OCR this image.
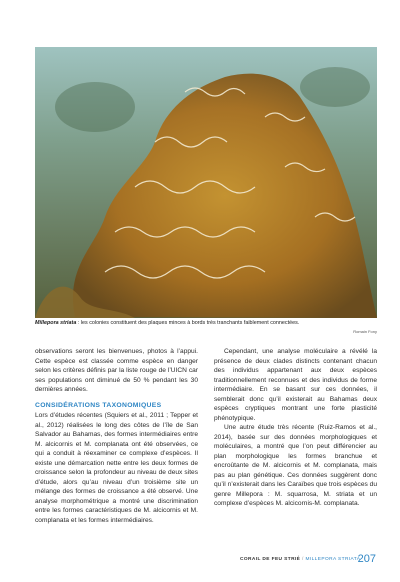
Millepora striata : les colonies constituent des plaques minces à bords très tranchants faiblement connectées.
Romain Fony

observations seront les bienvenues, photos à l’appui. Cette espèce est classée comme espèce en danger selon les critères définis par la liste rouge de l’UICN car ses populations ont diminué de 50 % pendant les 30 dernières années.

CONSIDÉRATIONS TAXONOMIQUES

Lors d’études récentes (Squiers et al., 2011 ; Tepper et al., 2012) réalisées le long des côtes de l’île de San Salvador au Bahamas, des formes intermédiaires entre M. alcicornis et M. complanata ont été observées, ce qui a conduit à réexaminer ce complexe d’espèces. Il existe une démarcation nette entre les deux formes de croissance selon la profondeur au niveau de deux sites d’étude, alors qu’au niveau d’un troisième site un mélange des formes de croissance a été observé. Une analyse morphométrique a montré une discrimination entre les formes caractéristiques de M. alcicornis et M. complanata et les formes intermédiaires.

Cependant, une analyse moléculaire a révélé la présence de deux clades distincts contenant chacun des individus appartenant aux deux espèces traditionnellement reconnues et des individus de forme intermédiaire. En se basant sur ces données, il semblerait donc qu’il existerait au Bahamas deux espèces cryptiques montrant une forte plasticité phénotypique.

Une autre étude très récente (Ruiz-Ramos et al., 2014), basée sur des données morphologiques et moléculaires, a montré que l’on peut différencier au plan morphologique les formes branchue et encroûtante de M. alcicornis et M. complanata, mais pas au plan génétique. Ces données suggèrent donc qu’il n’existerait dans les Caraïbes que trois espèces du genre Millepora : M. squarrosa, M. striata et un complexe d’espèces M. alcicornis-M. complanata.

CORAIL DE FEU STRIÉ / MILLEPORA STRIATA
207
